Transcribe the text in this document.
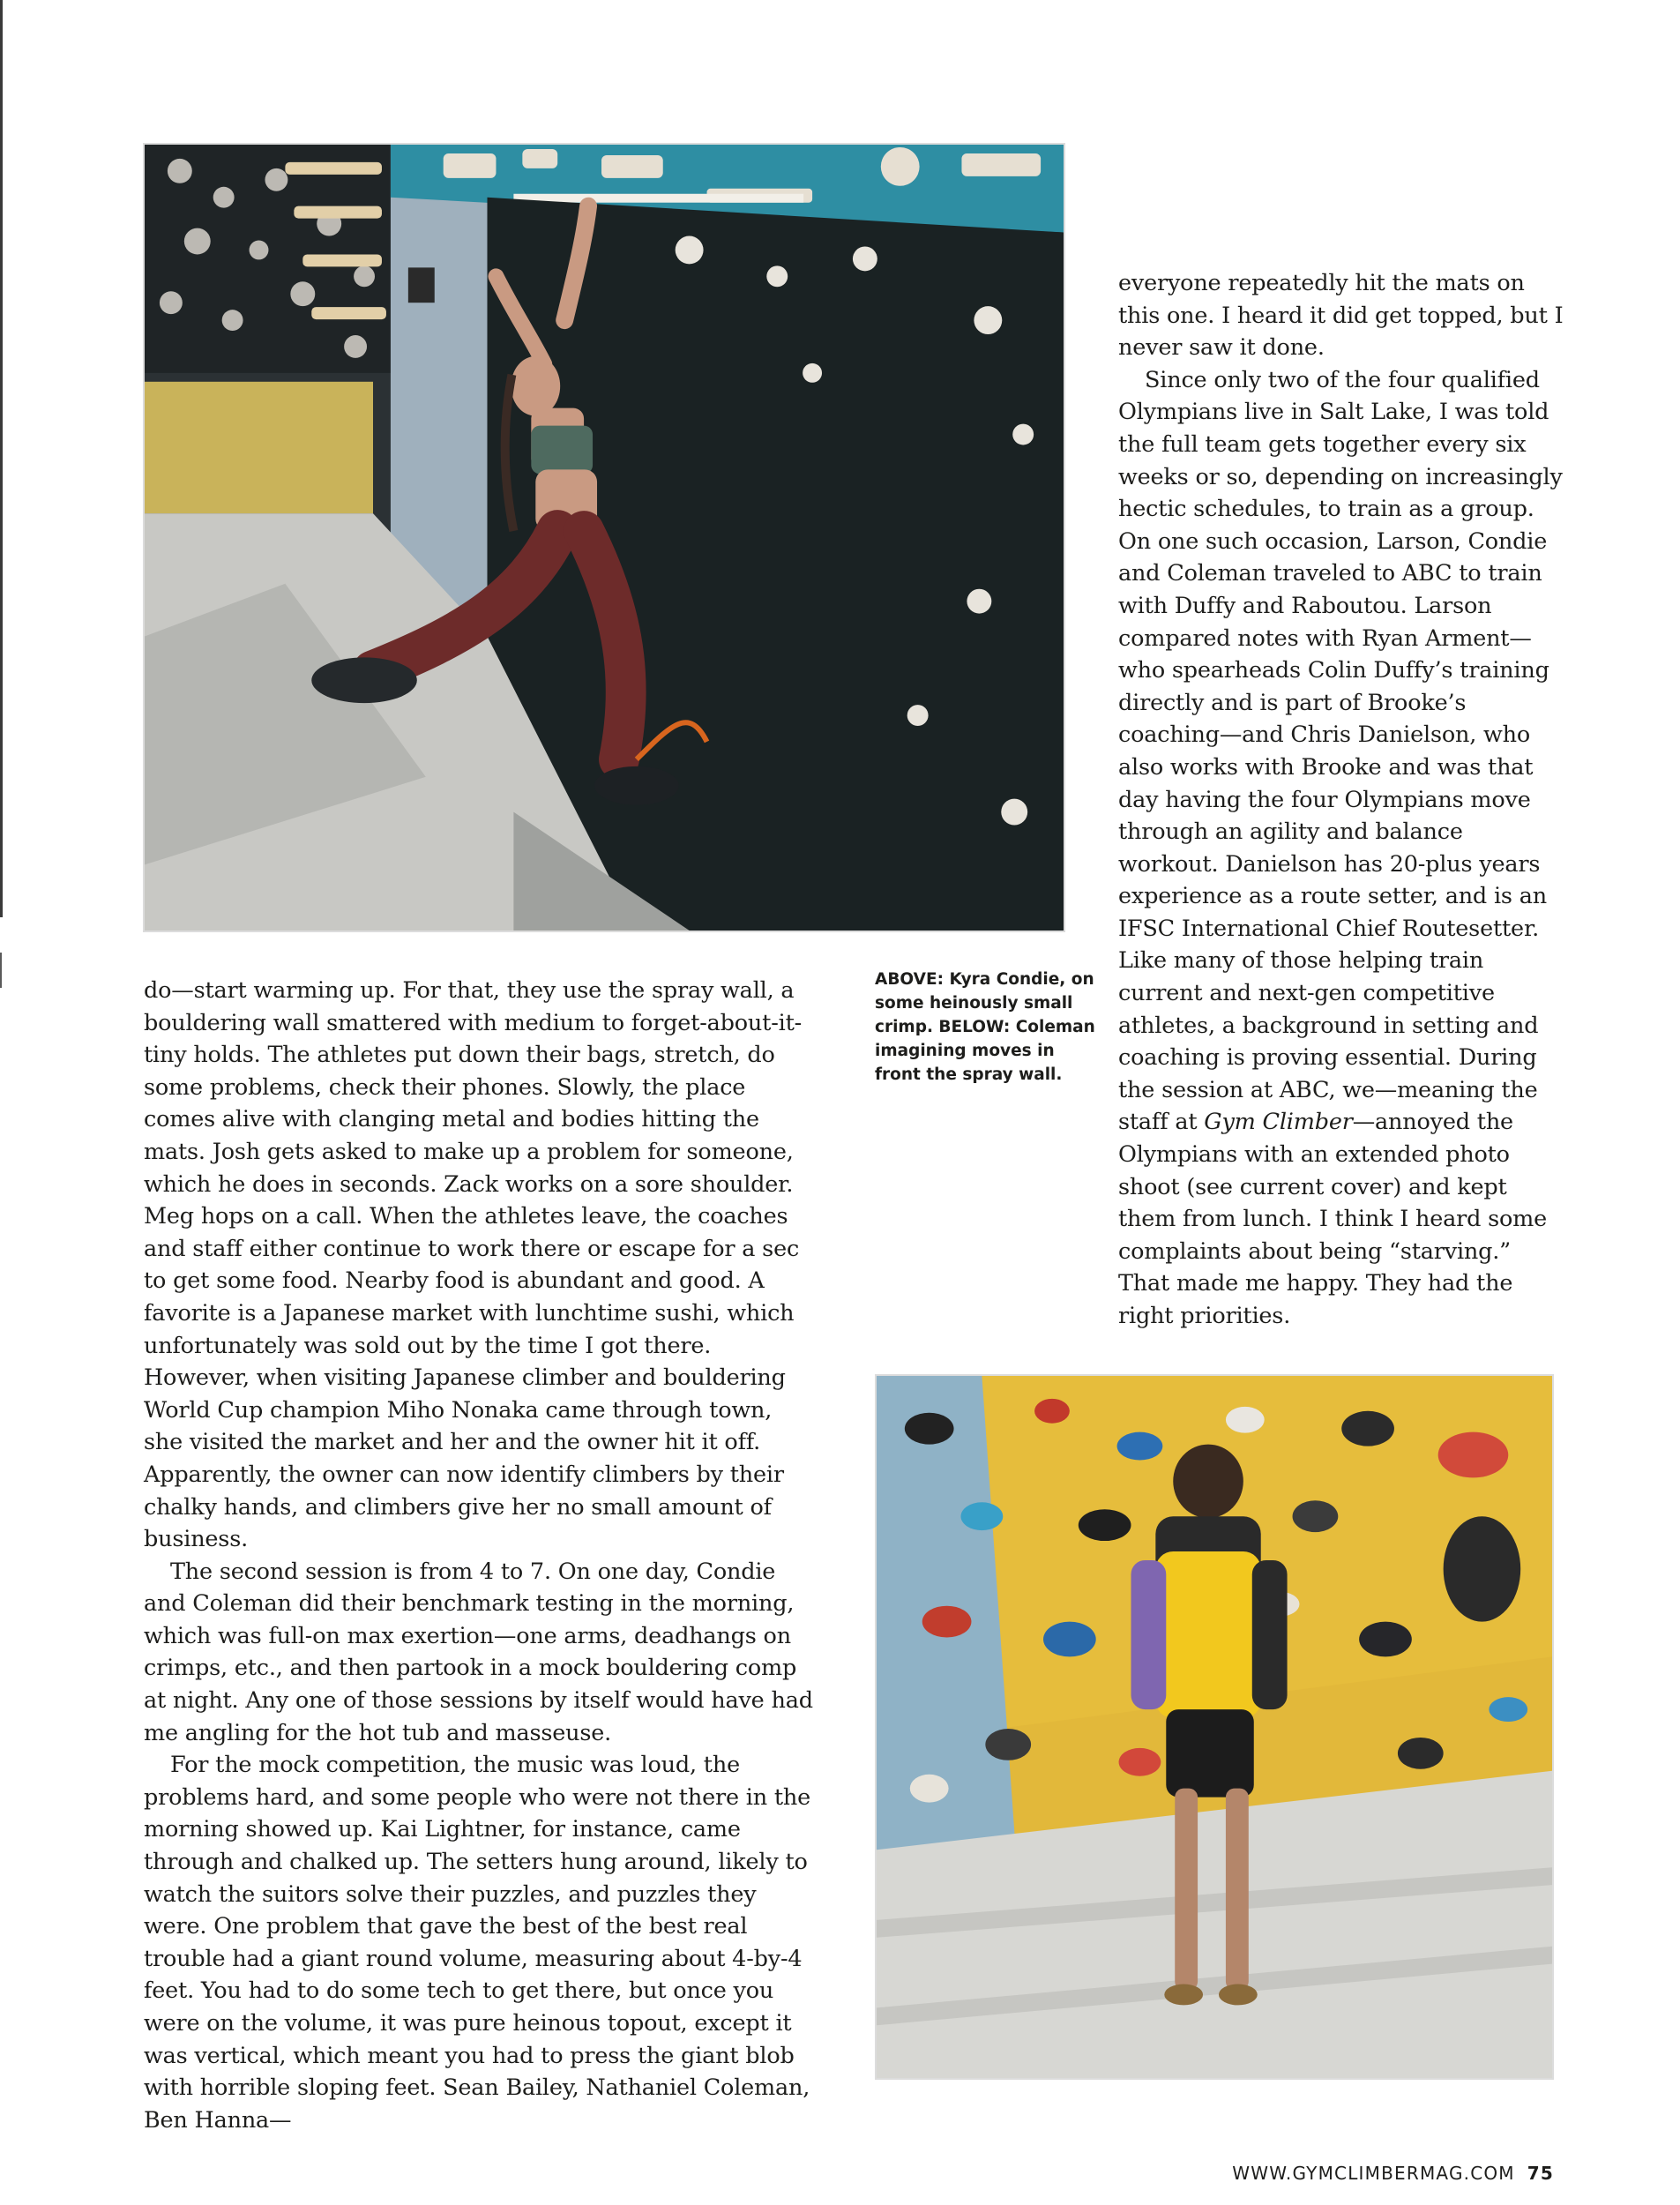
ABOVE: Kyra Condie, on some heinously small crimp. BELOW: Coleman imagining moves in front the spray wall.

do—start warming up. For that, they use the spray wall, a bouldering wall smattered with medium to forget-about-it-tiny holds. The athletes put down their bags, stretch, do some problems, check their phones. Slowly, the place comes alive with clanging metal and bodies hitting the mats. Josh gets asked to make up a problem for someone, which he does in seconds. Zack works on a sore shoulder. Meg hops on a call. When the athletes leave, the coaches and staff either continue to work there or escape for a sec to get some food. Nearby food is abundant and good. A favorite is a Japanese market with lunchtime sushi, which unfortunately was sold out by the time I got there. However, when visiting Japanese climber and bouldering World Cup champion Miho Nonaka came through town, she visited the market and her and the owner hit it off. Apparently, the owner can now identify climbers by their chalky hands, and climbers give her no small amount of business.

The second session is from 4 to 7. On one day, Condie and Coleman did their benchmark testing in the morning, which was full-on max exertion—one arms, deadhangs on crimps, etc., and then partook in a mock bouldering comp at night. Any one of those sessions by itself would have had me angling for the hot tub and masseuse.

For the mock competition, the music was loud, the problems hard, and some people who were not there in the morning showed up. Kai Lightner, for instance, came through and chalked up. The setters hung around, likely to watch the suitors solve their puzzles, and puzzles they were. One problem that gave the best of the best real trouble had a giant round volume, measuring about 4-by-4 feet. You had to do some tech to get there, but once you were on the volume, it was pure heinous topout, except it was vertical, which meant you had to press the giant blob with horrible sloping feet. Sean Bailey, Nathaniel Coleman, Ben Hanna—

everyone repeatedly hit the mats on this one. I heard it did get topped, but I never saw it done.

Since only two of the four qualified Olympians live in Salt Lake, I was told the full team gets together every six weeks or so, depending on increasingly hectic schedules, to train as a group. On one such occasion, Larson, Condie and Coleman traveled to ABC to train with Duffy and Raboutou. Larson compared notes with Ryan Arment—who spearheads Colin Duffy’s training directly and is part of Brooke’s coaching—and Chris Danielson, who also works with Brooke and was that day having the four Olympians move through an agility and balance workout. Danielson has 20-plus years experience as a route setter, and is an IFSC International Chief Routesetter. Like many of those helping train current and next-gen competitive athletes, a background in setting and coaching is proving essential. During the session at ABC, we—meaning the staff at Gym Climber—annoyed the Olympians with an extended photo shoot (see current cover) and kept them from lunch. I think I heard some complaints about being “starving.” That made me happy. They had the right priorities.

WWW.GYMCLIMBERMAG.COM 75
